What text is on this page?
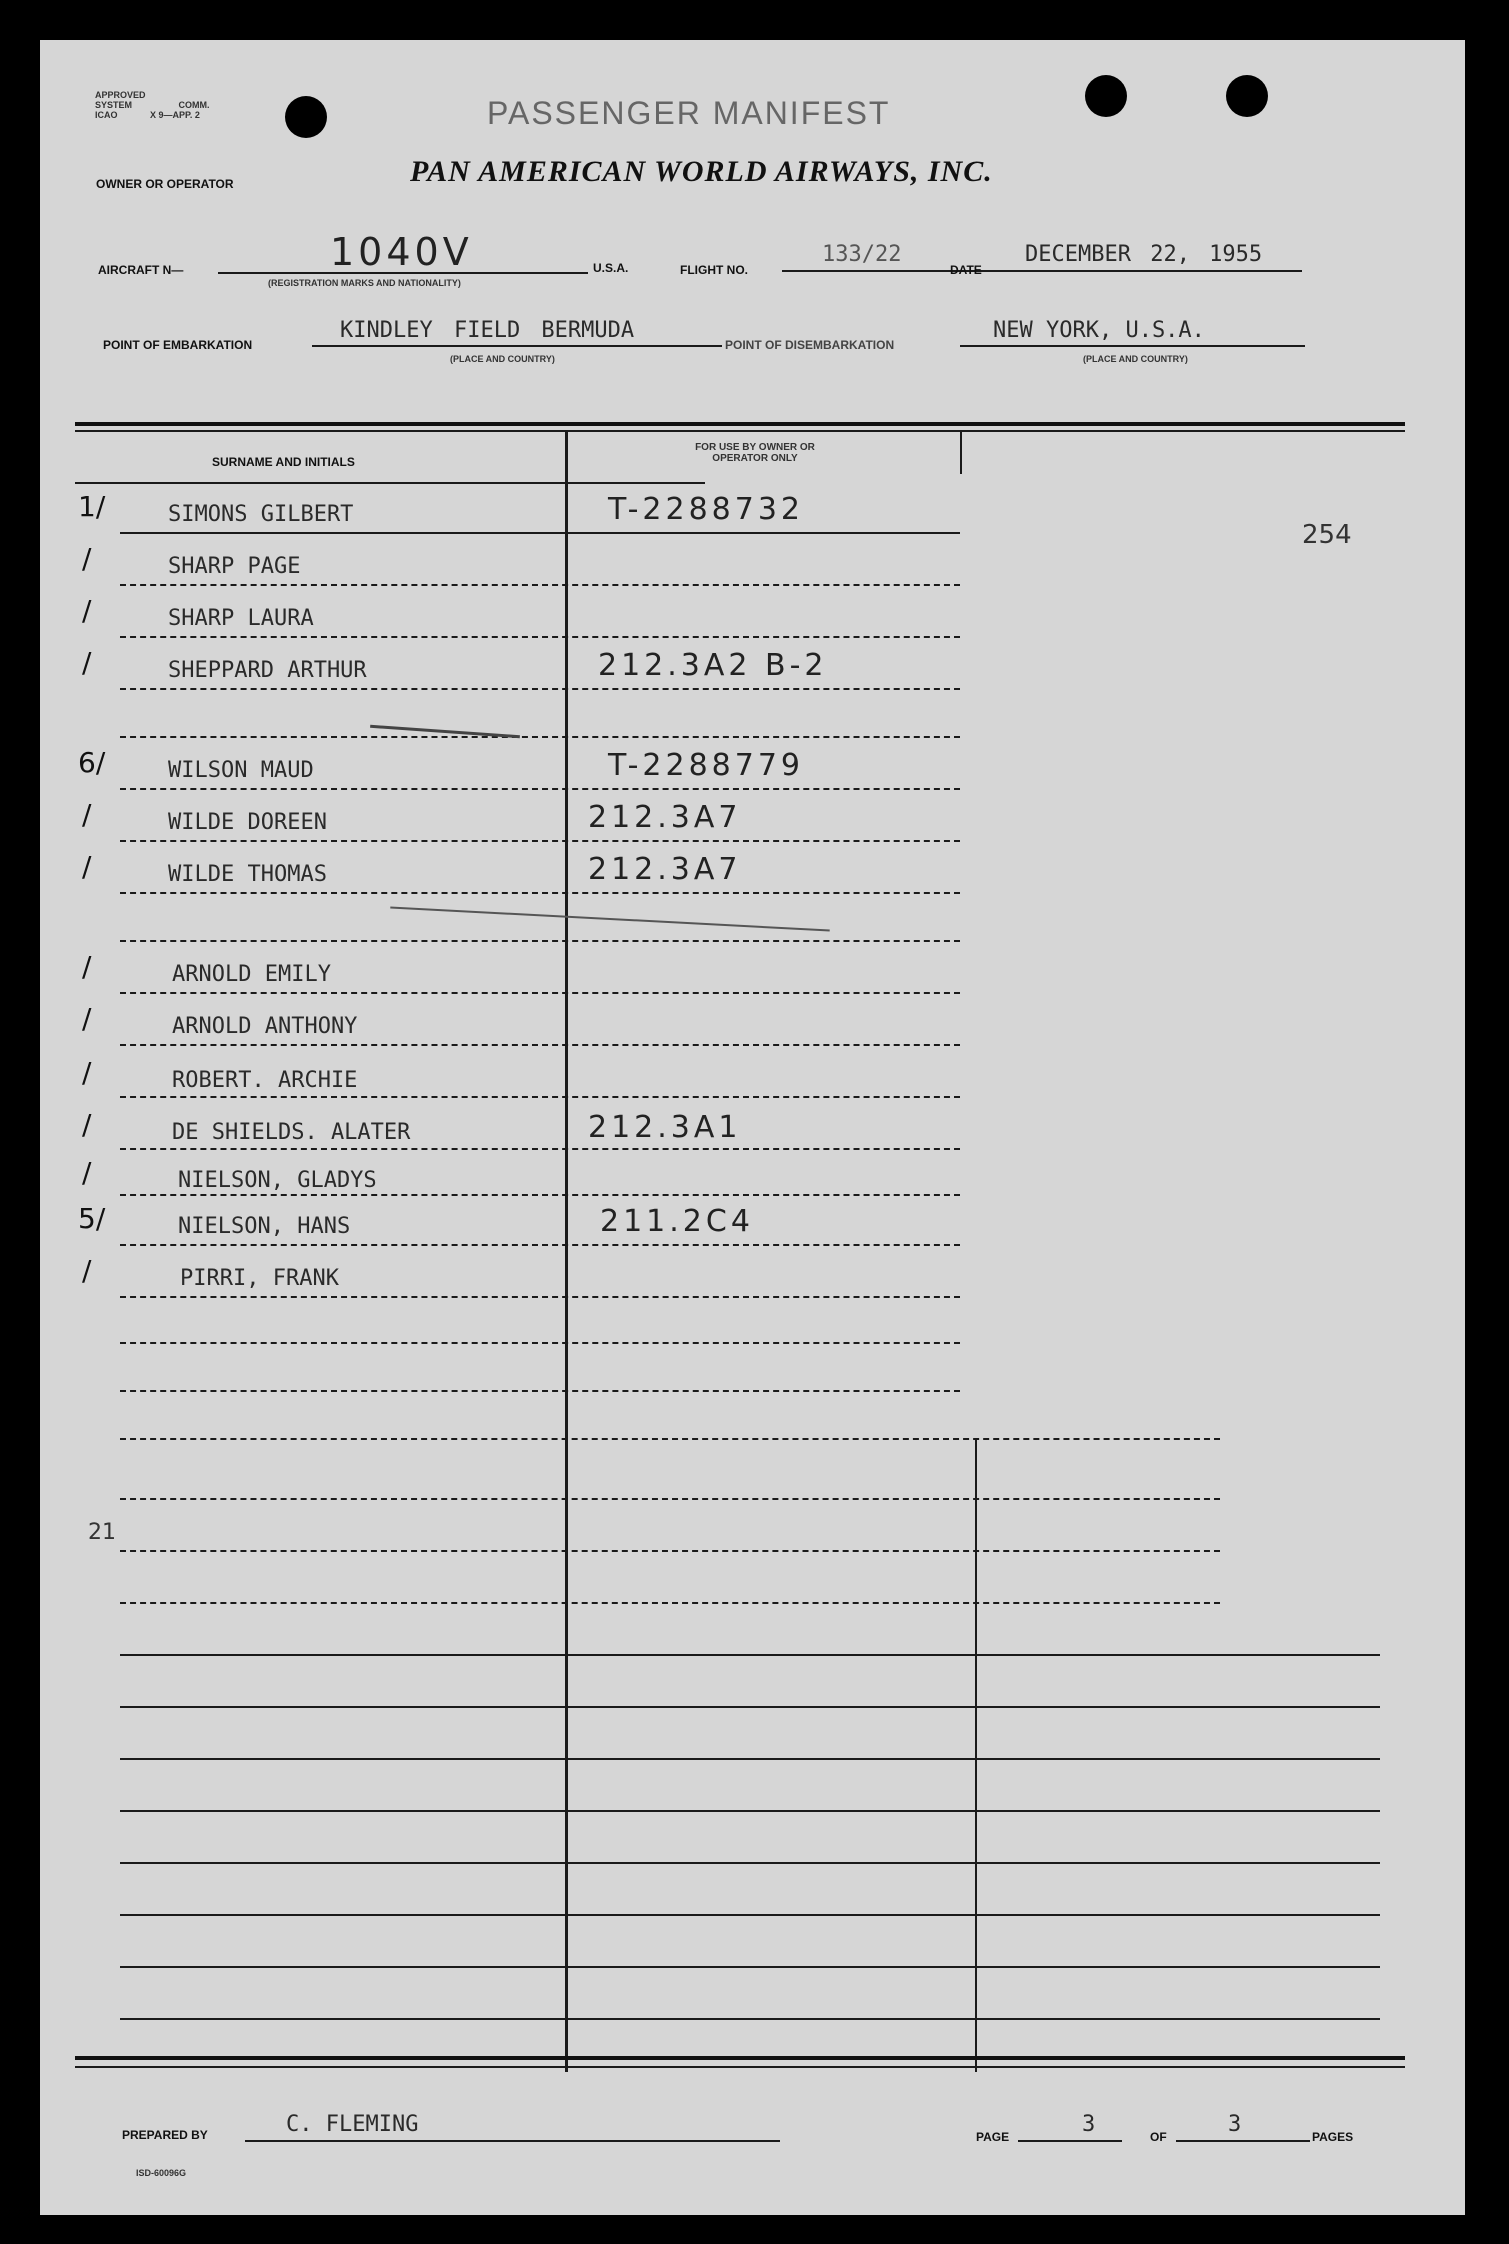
APPROVED
SYSTEM	COMM.
ICAO	X 9—APP. 2	PASSENGER MANIFEST
OWNER OR OPERATOR	PAN AMERICAN WORLD AIRWAYS, INC.
AIRCRAFT N—	1040V
(REGISTRATION MARKS AND NATIONALITY)
U.S.A.	FLIGHT NO.
133/22
DATE
DECEMBER 22, 1955
POINT OF EMBARKATION
KINDLEY FIELD BERMUDA
(PLACE AND COUNTRY)
POINT OF DISEMBARKATION
NEW YORK, U.S.A.
(PLACE AND COUNTRY)
SURNAME AND INITIALS
FOR USE BY OWNER OR OPERATOR ONLY
1/	SIMONS GILBERT	T-2288732
/	SHARP PAGE
/	SHARP LAURA
/	SHEPPARD ARTHUR	212.3A2 B-2
6/	WILSON MAUD	T-2288779
/	WILDE DOREEN	212.3A7
/	WILDE THOMAS	212.3A7
/	ARNOLD EMILY
/	ARNOLD ANTHONY
/	ROBERT. ARCHIE
/	DE SHIELDS. ALATER	212.3A1
/	NIELSON, GLADYS
5/	NIELSON, HANS	211.2C4
/	PIRRI, FRANK
254
21
PREPARED BY	C. FLEMING
ISD-60096G
PAGE	3	OF	3	PAGES
